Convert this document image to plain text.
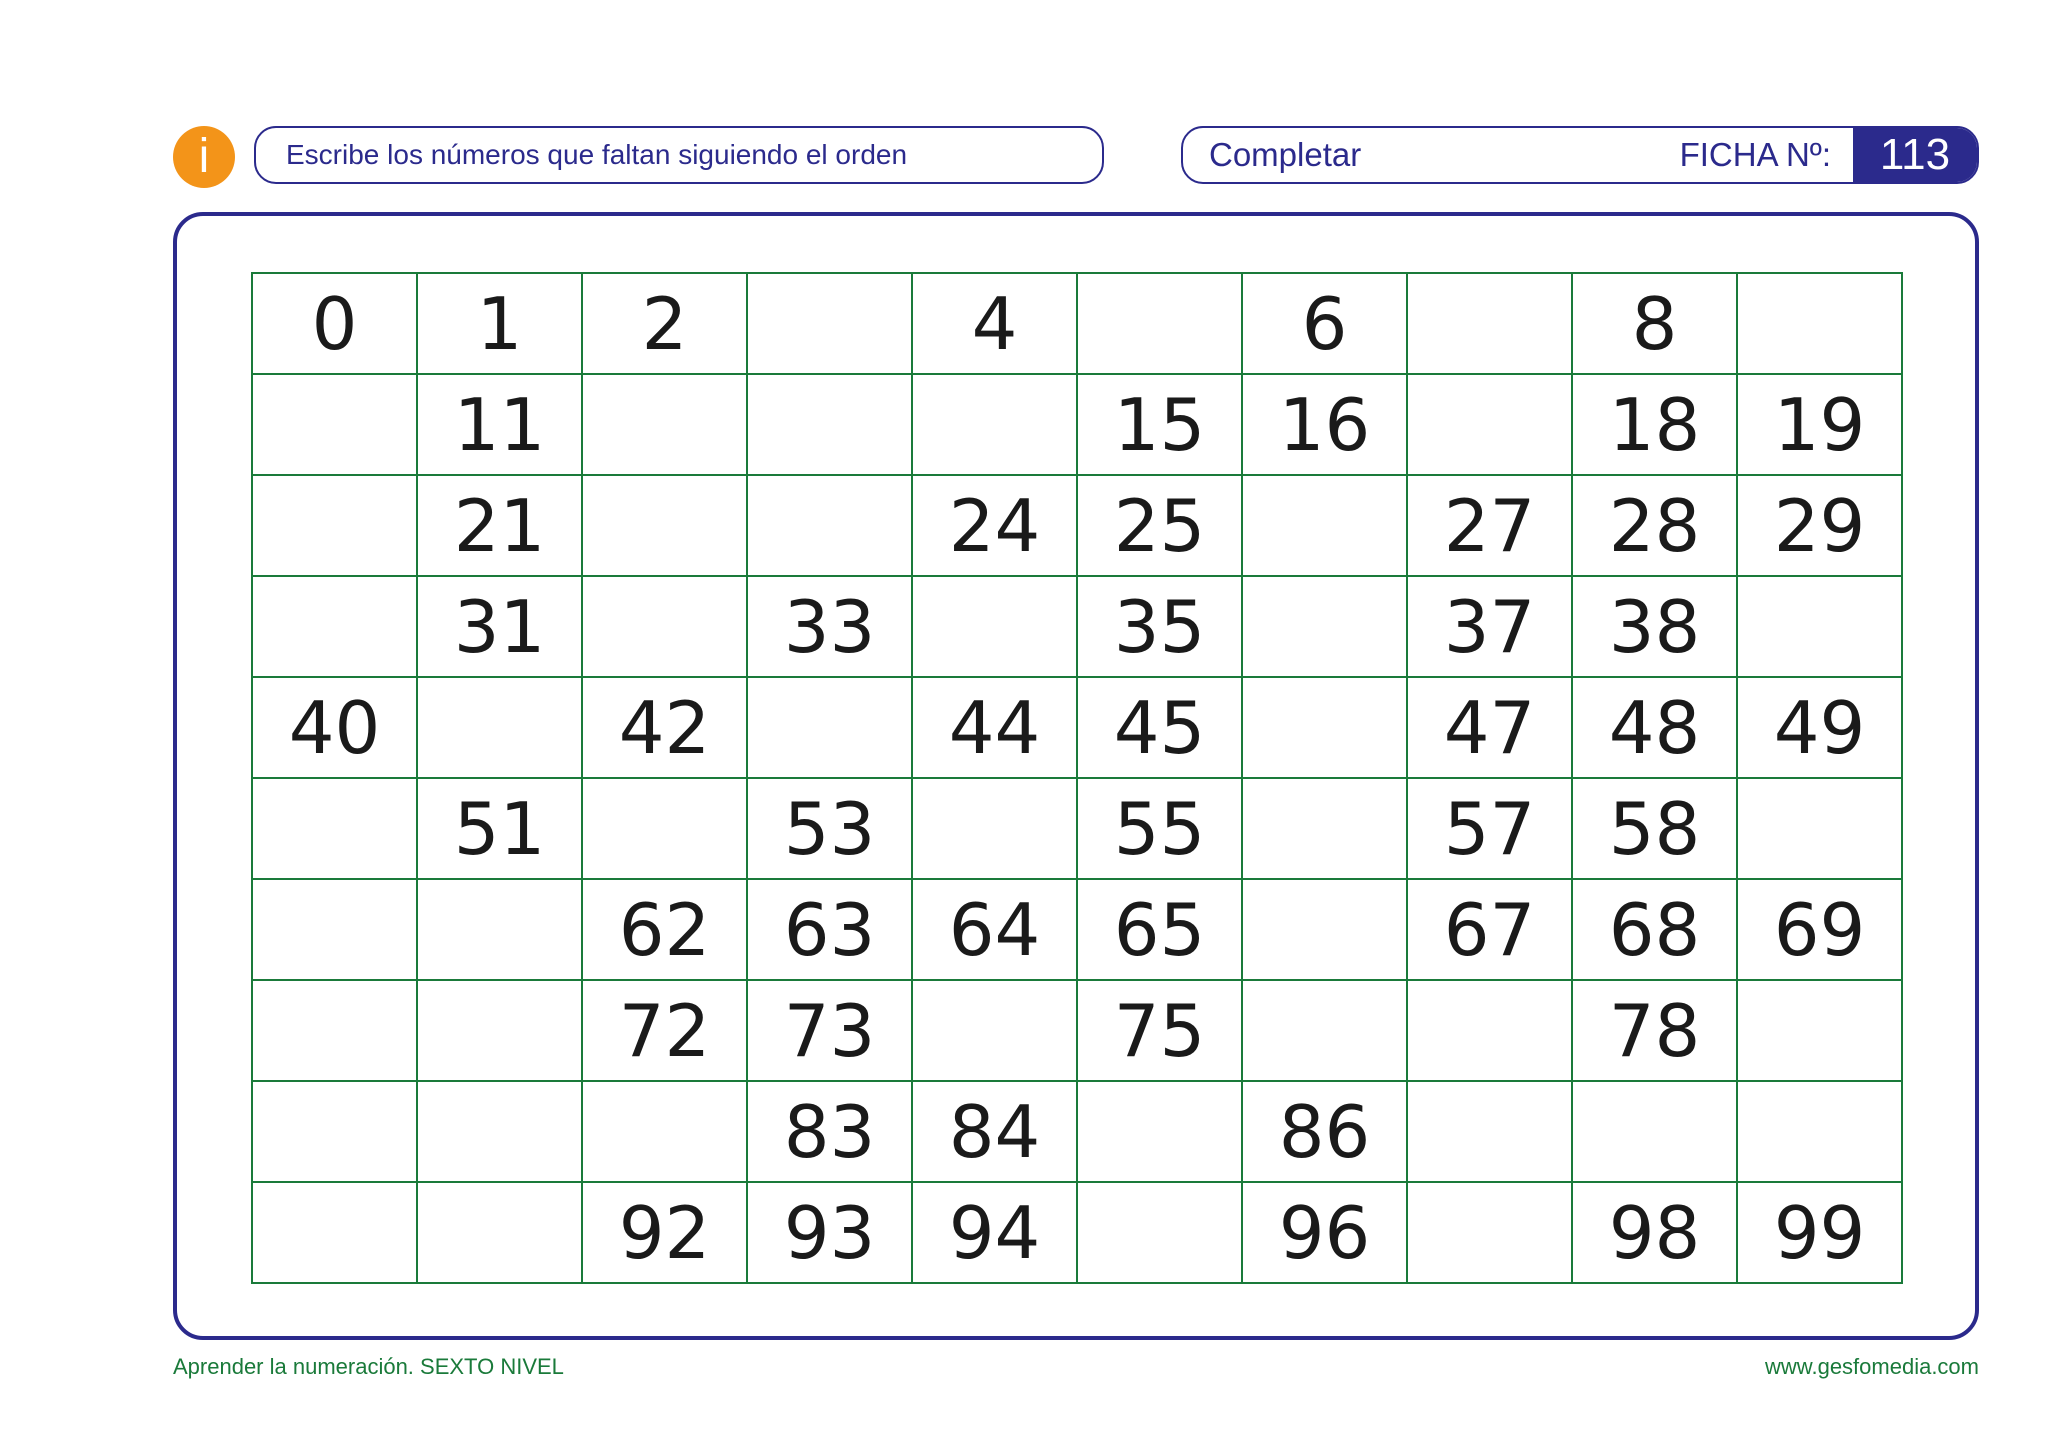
i	Escribe los números que faltan siguiendo el orden	Completar	FICHA Nº:	113
0	1	2		4		6		8	
	11				15	16		18	19
	21			24	25		27	28	29
	31		33		35		37	38	
40		42		44	45		47	48	49
	51		53		55		57	58	
		62	63	64	65		67	68	69
		72	73		75			78	
			83	84		86			
		92	93	94		96		98	99
Aprender la numeración. SEXTO NIVEL	www.gesfomedia.com
